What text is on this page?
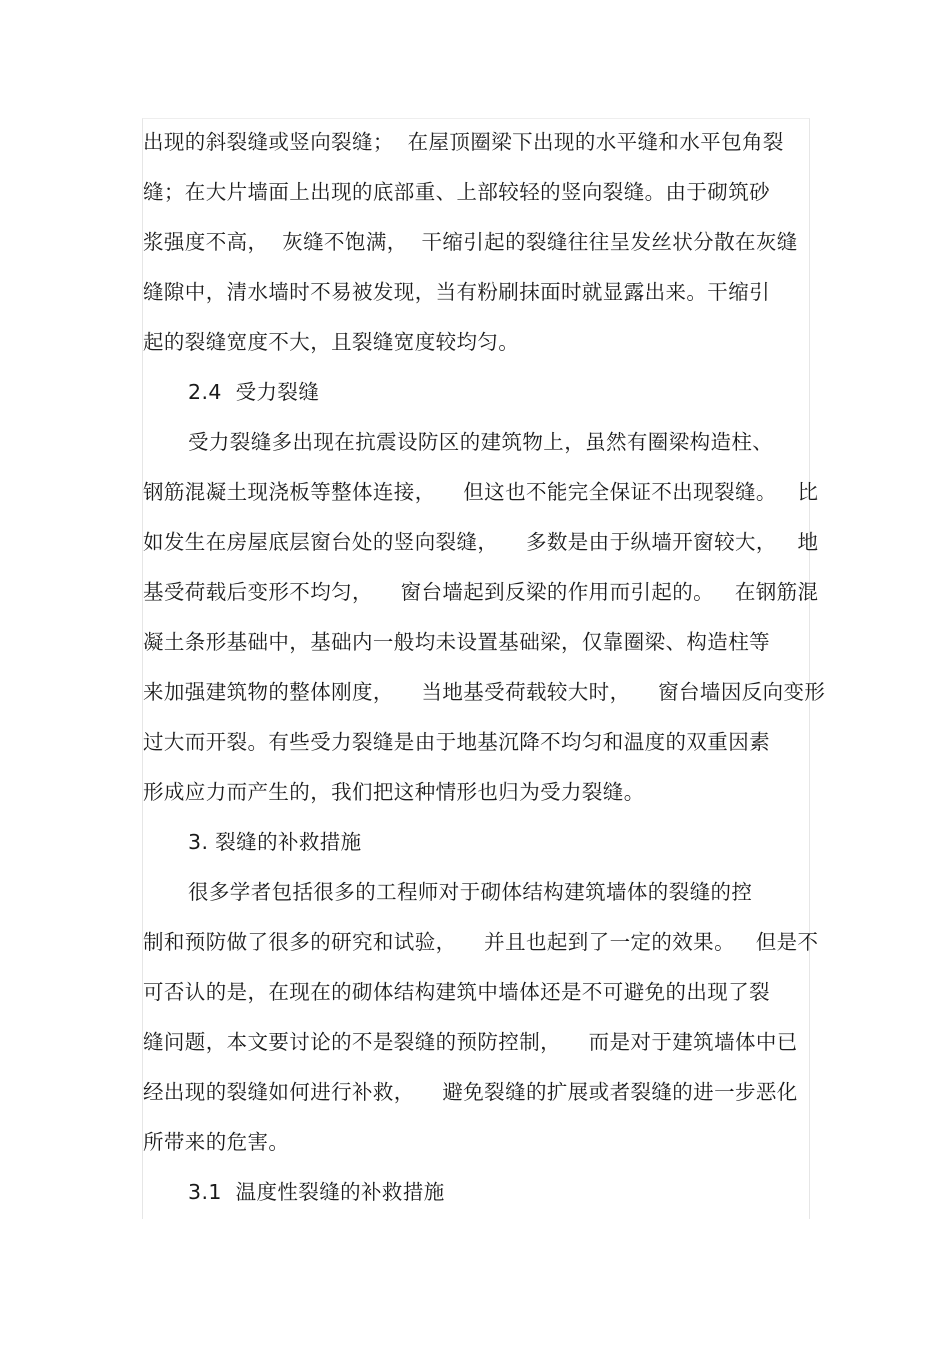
出现的斜裂缝或竖向裂缝；  在屋顶圈梁下出现的水平缝和水平包角裂
缝；在大片墙面上出现的底部重、上部较轻的竖向裂缝。由于砌筑砂
浆强度不高，  灰缝不饱满，  干缩引起的裂缝往往呈发丝状分散在灰缝
缝隙中，清水墙时不易被发现，当有粉刷抹面时就显露出来。干缩引
起的裂缝宽度不大，且裂缝宽度较均匀。
2.4  受力裂缝
受力裂缝多出现在抗震设防区的建筑物上，虽然有圈梁构造柱、
钢筋混凝土现浇板等整体连接，    但这也不能完全保证不出现裂缝。   比
如发生在房屋底层窗台处的竖向裂缝，    多数是由于纵墙开窗较大，   地
基受荷载后变形不均匀，    窗台墙起到反梁的作用而引起的。   在钢筋混
凝土条形基础中，基础内一般均未设置基础梁，仅靠圈梁、构造柱等
来加强建筑物的整体刚度，    当地基受荷载较大时，    窗台墙因反向变形
过大而开裂。有些受力裂缝是由于地基沉降不均匀和温度的双重因素
形成应力而产生的，我们把这种情形也归为受力裂缝。
3. 裂缝的补救措施
很多学者包括很多的工程师对于砌体结构建筑墙体的裂缝的控
制和预防做了很多的研究和试验，    并且也起到了一定的效果。   但是不
可否认的是，在现在的砌体结构建筑中墙体还是不可避免的出现了裂
缝问题，本文要讨论的不是裂缝的预防控制，    而是对于建筑墙体中已
经出现的裂缝如何进行补救，    避免裂缝的扩展或者裂缝的进一步恶化
所带来的危害。
3.1  温度性裂缝的补救措施
